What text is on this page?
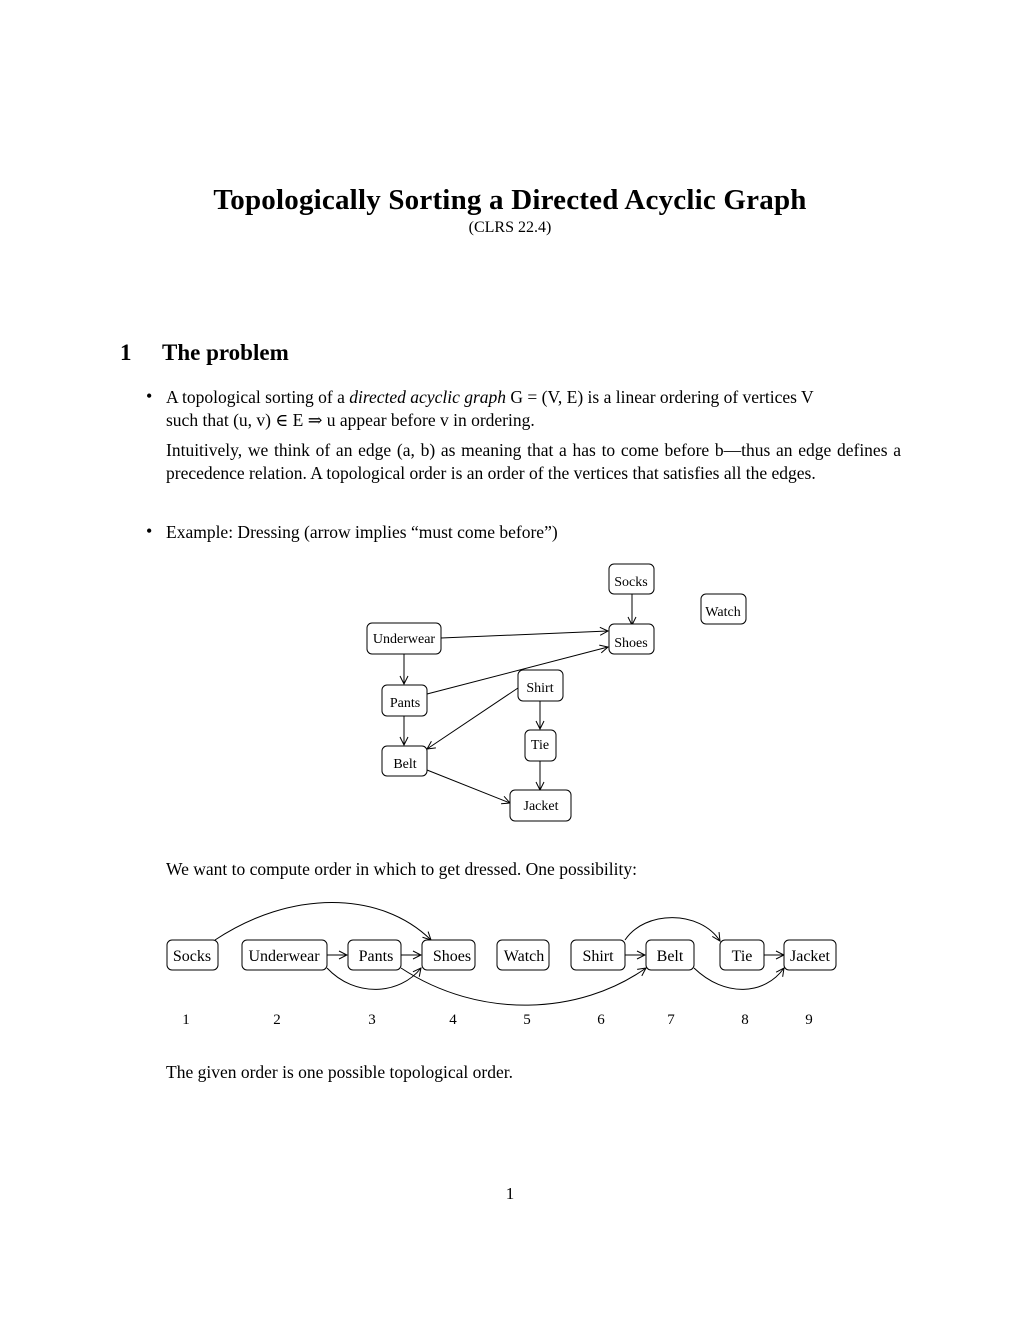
Topologically Sorting a Directed Acyclic Graph
(CLRS 22.4)
1 The problem
• A topological sorting of a directed acyclic graph G = (V, E) is a linear ordering of vertices V
such that (u, v) ∈ E ⇒ u appear before v in ordering.
Intuitively, we think of an edge (a, b) as meaning that a has to come before b—thus an edge defines a precedence relation. A topological order is an order of the vertices that satisfies all the edges.
• Example: Dressing (arrow implies “must come before”)
Socks
Watch
Underwear	Shoes
Shirt
Pants
Tie
Belt
Jacket
Socks Underwear Pants Shoes Watch Shirt	Belt	Tie Jacket
1	2	3	4	5	6	7	8	9
We want to compute order in which to get dressed. One possibility:
The given order is one possible topological order.
1
